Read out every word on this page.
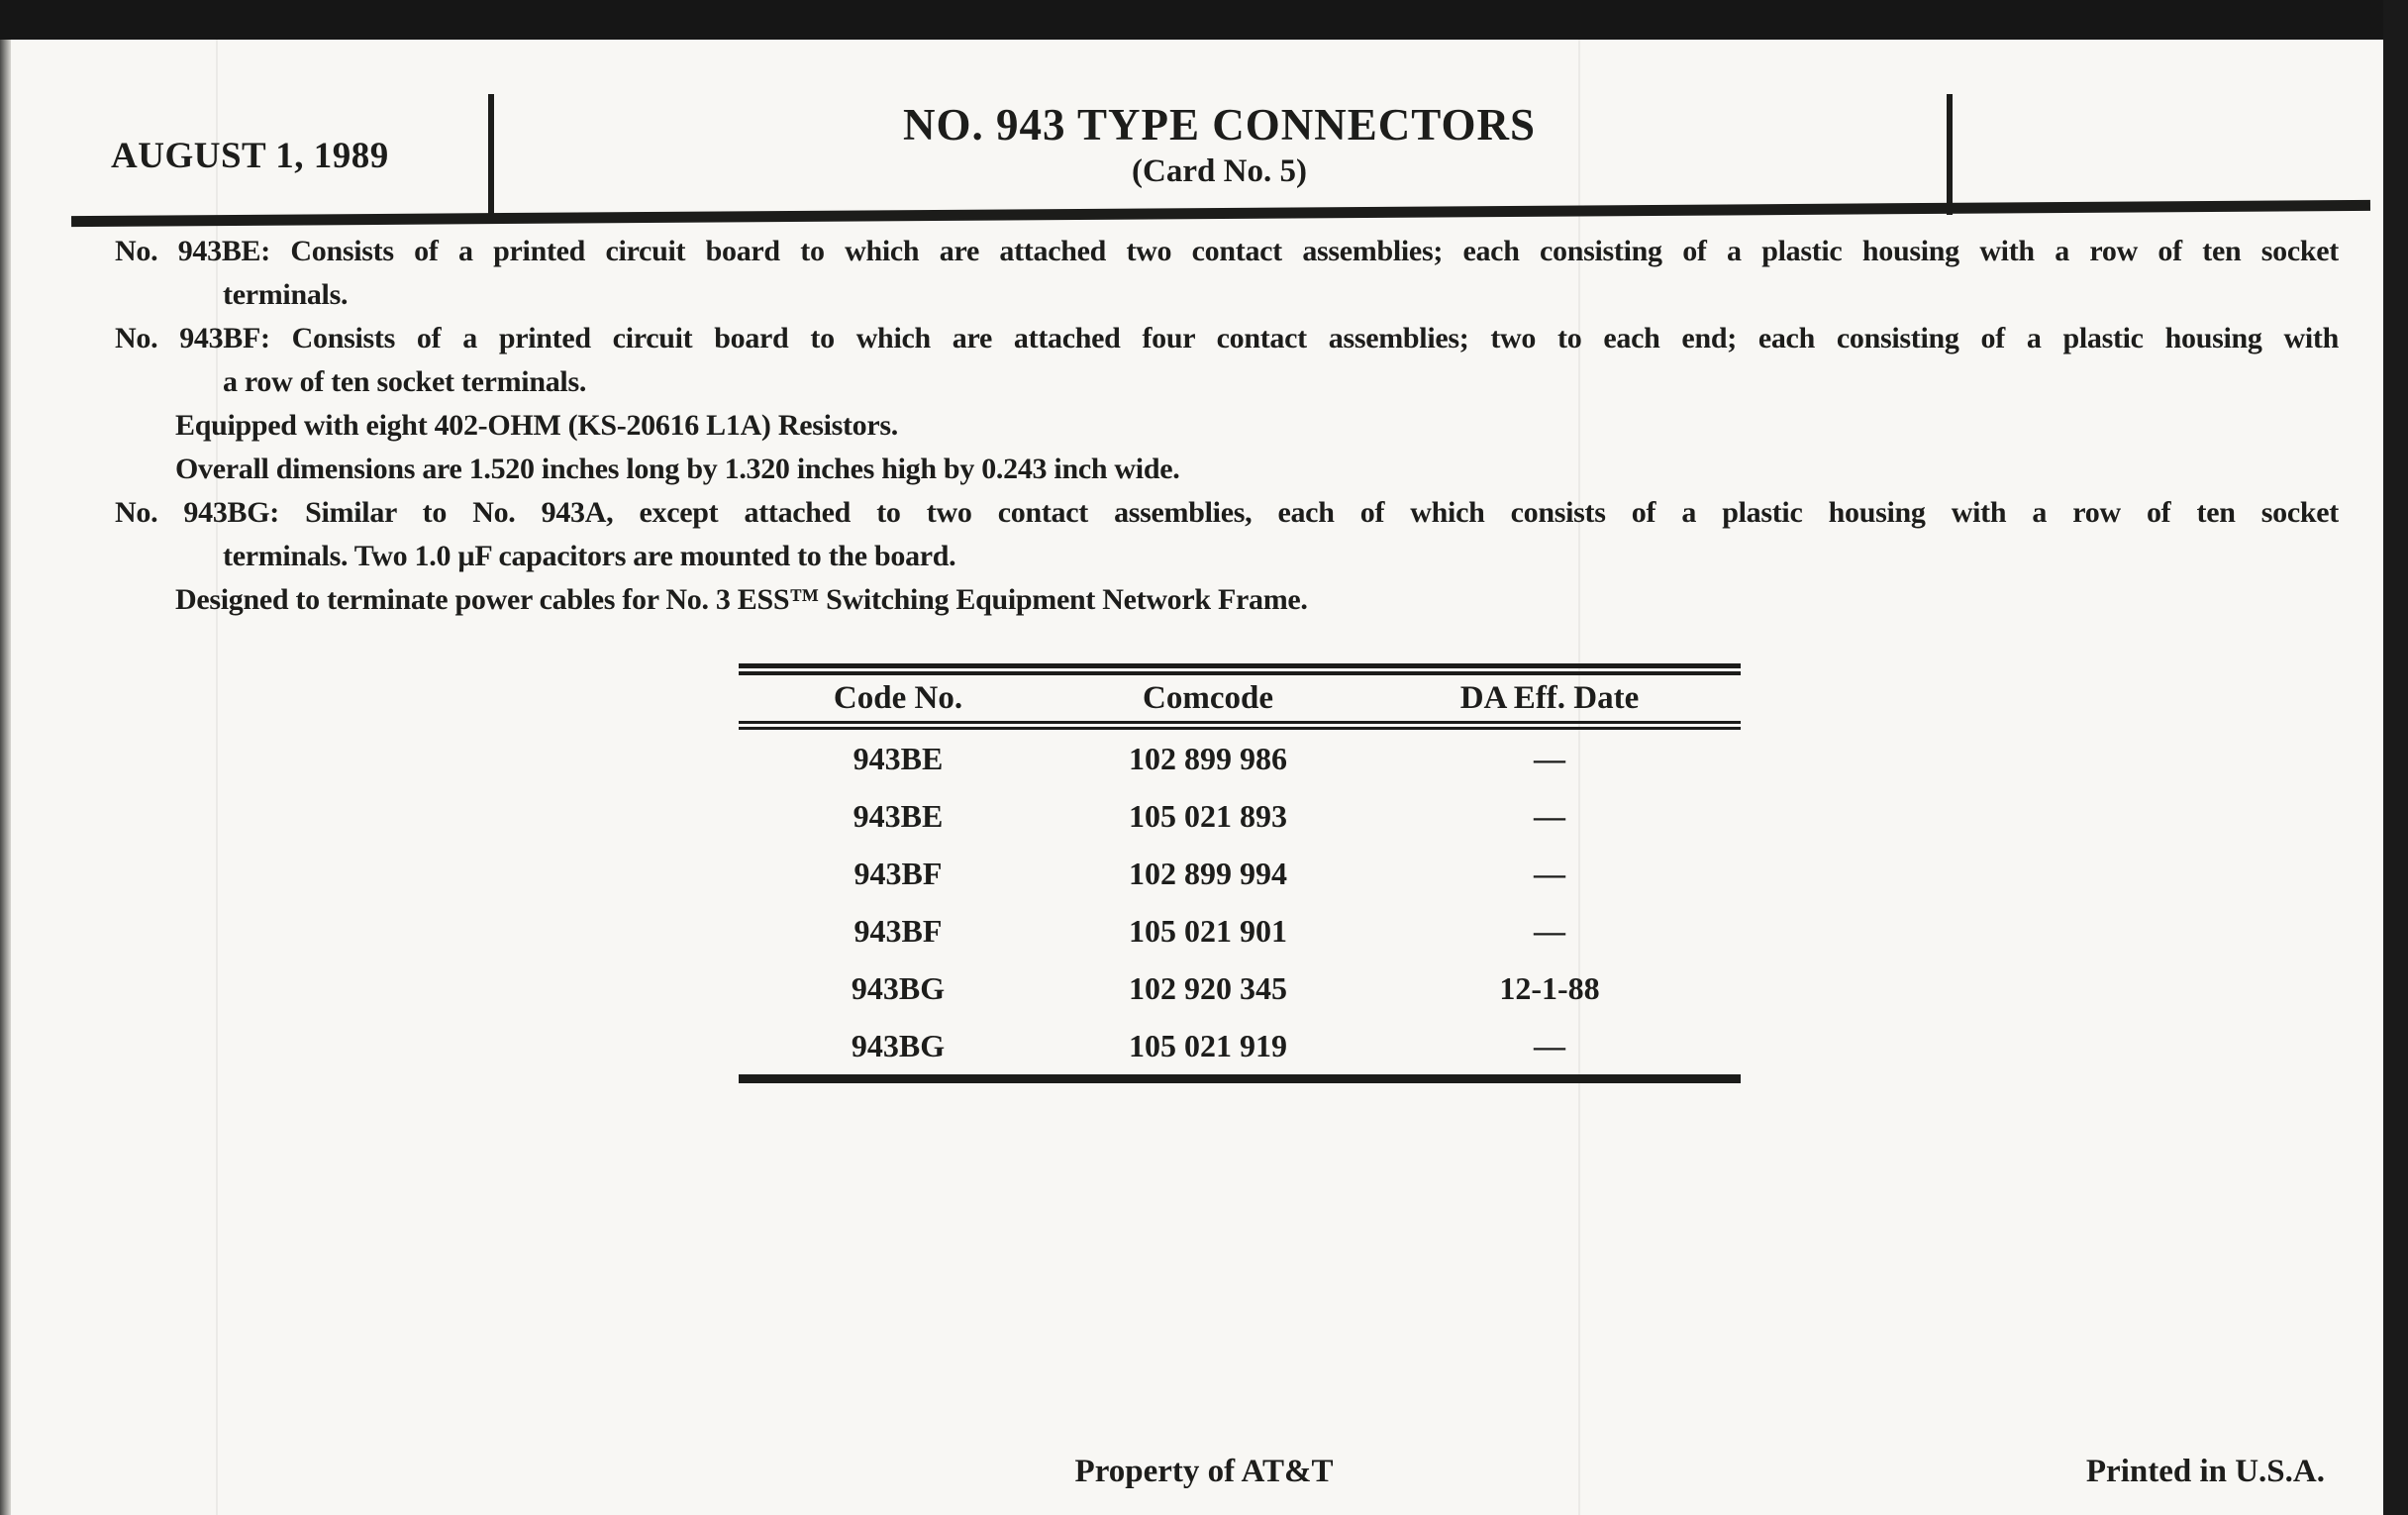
AUGUST 1, 1989
NO. 943 TYPE CONNECTORS
(Card No. 5)
No. 943BE: Consists of a printed circuit board to which are attached two contact assemblies; each consisting of a plastic housing with a row of ten socket
terminals.
No. 943BF: Consists of a printed circuit board to which are attached four contact assemblies; two to each end; each consisting of a plastic housing with
a row of ten socket terminals.
Equipped with eight 402-OHM (KS-20616 L1A) Resistors.
Overall dimensions are 1.520 inches long by 1.320 inches high by 0.243 inch wide.
No. 943BG: Similar to No. 943A, except attached to two contact assemblies, each of which consists of a plastic housing with a row of ten socket
terminals. Two 1.0 µF capacitors are mounted to the board.
Designed to terminate power cables for No. 3 ESS™ Switching Equipment Network Frame.
Code No.	Comcode	DA Eff. Date
943BE	102 899 986	—
943BE	105 021 893	—
943BF	102 899 994	—
943BF	105 021 901	—
943BG	102 920 345	12-1-88
943BG	105 021 919	—
Property of AT&T	Printed in U.S.A.
